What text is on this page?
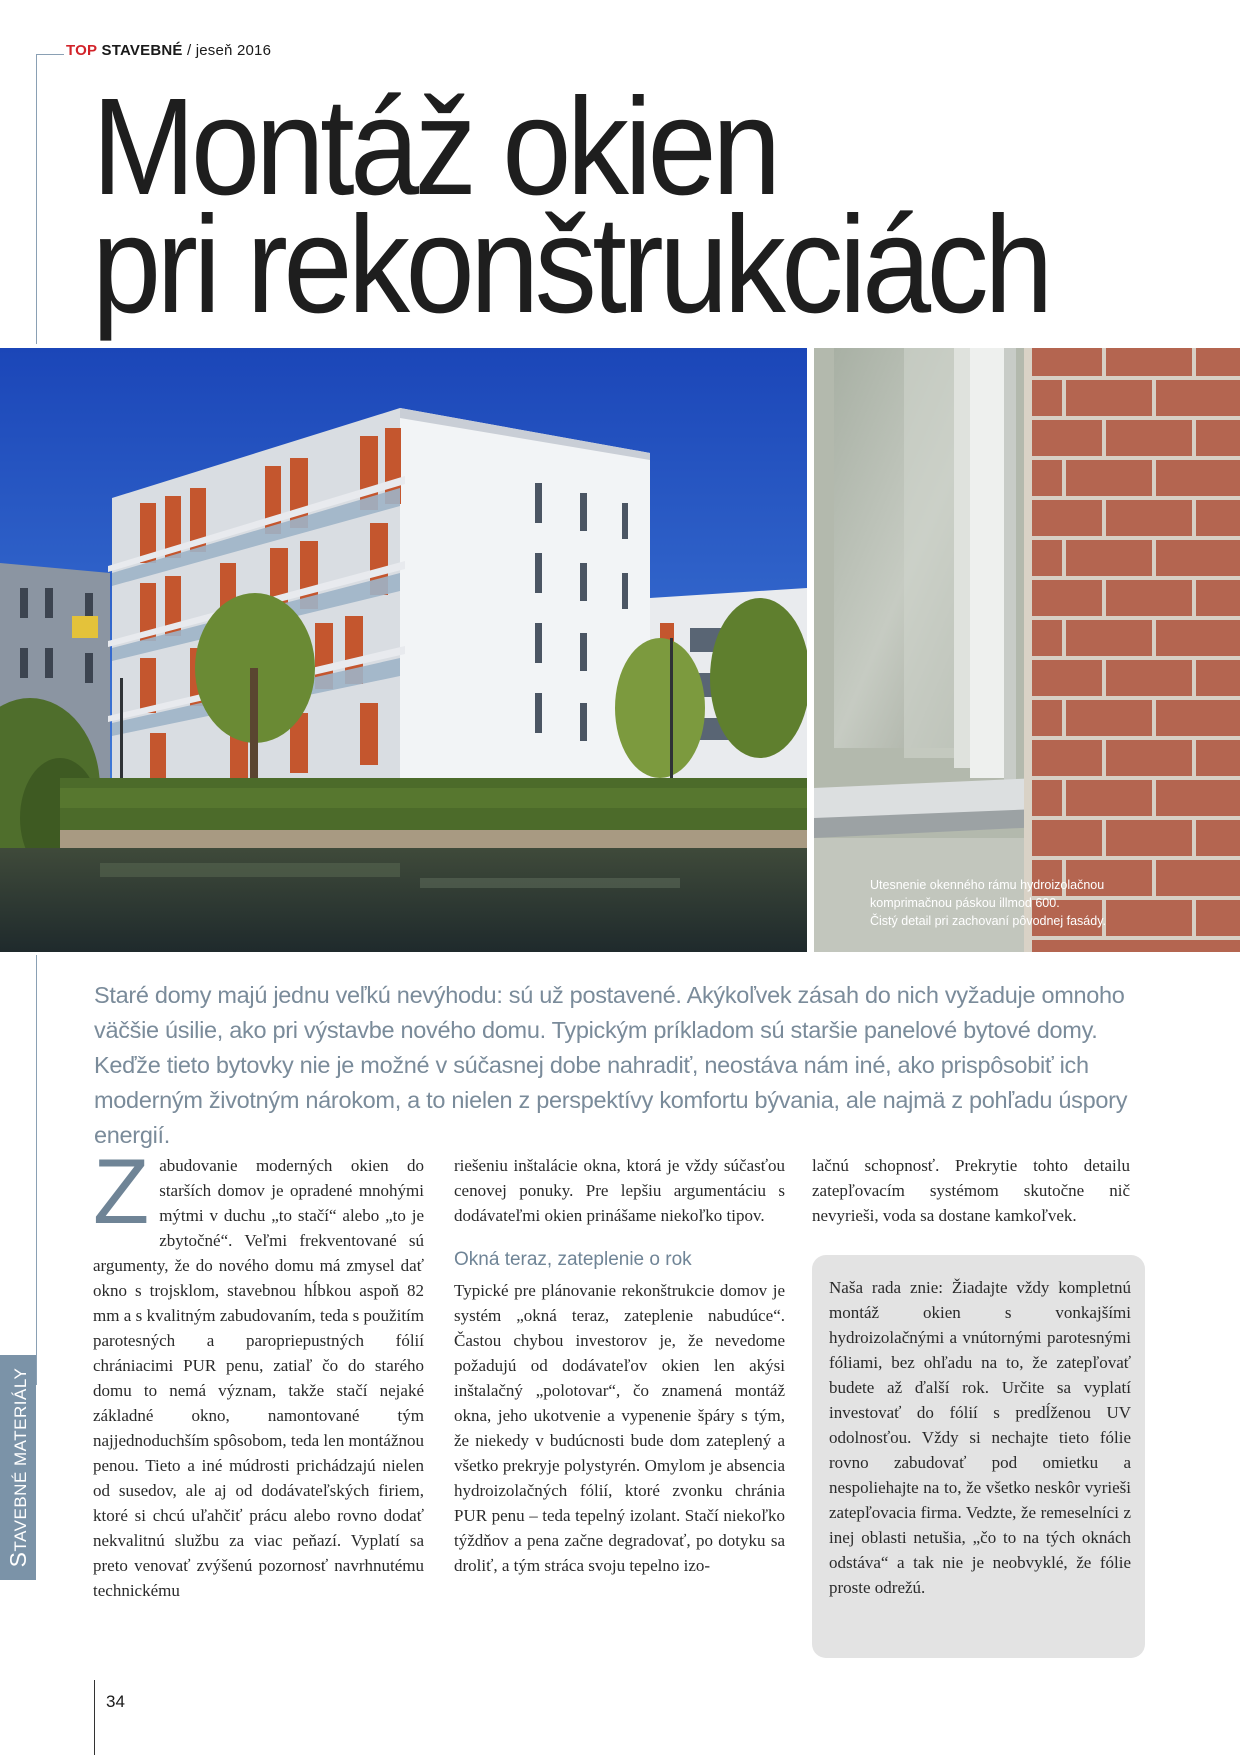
TOP STAVEBNÉ / jeseň 2016
Montáž okien
pri rekonštrukciách
Utesnenie okenného rámu hydroizolačnou
komprimačnou páskou illmod 600.
Čistý detail pri zachovaní pôvodnej fasády.
Staré domy majú jednu veľkú nevýhodu: sú už postavené. Akýkoľvek zásah do nich vyžaduje omnoho väčšie úsilie, ako pri výstavbe nového domu. Typickým príkladom sú staršie panelové bytové domy. Keďže tieto bytovky nie je možné v súčasnej dobe nahradiť, neostáva nám iné, ako prispôsobiť ich moderným životným nárokom, a to nielen z perspektívy komfortu bývania, ale najmä z pohľadu úspory energií.

Zabudovanie moderných okien do starších domov je opradené mnohými mýtmi v duchu „to stačí“ alebo „to je zbytočné“. Veľmi frekventované sú argumenty, že do nového domu má zmysel dať okno s trojsklom, stavebnou hĺbkou aspoň 82 mm a s kvalitným zabudovaním, teda s použitím parotesných a paropriepustných fólií chrániacimi PUR penu, zatiaľ čo do starého domu to nemá význam, takže stačí nejaké základné okno, namontované tým najjednoduchším spôsobom, teda len montážnou penou. Tieto a iné múdrosti prichádzajú nielen od susedov, ale aj od dodávateľských firiem, ktoré si chcú uľahčiť prácu alebo rovno dodať nekvalitnú službu za viac peňazí. Vyplatí sa preto venovať zvýšenú pozornosť navrhnutému technickému

riešeniu inštalácie okna, ktorá je vždy súčasťou cenovej ponuky. Pre lepšiu argumentáciu s dodávateľmi okien prinášame niekoľko tipov.

Okná teraz, zateplenie o rok

Typické pre plánovanie rekonštrukcie domov je systém „okná teraz, zateplenie nabudúce“. Častou chybou investorov je, že nevedome požadujú od dodávateľov okien len akýsi inštalačný „polotovar“, čo znamená montáž okna, jeho ukotvenie a vypenenie špáry s tým, že niekedy v budúcnosti bude dom zateplený a všetko prekryje polystyrén. Omylom je absencia hydroizolačných fólií, ktoré zvonku chránia PUR penu – teda tepelný izolant. Stačí niekoľko týždňov a pena začne degradovať, po dotyku sa droliť, a tým stráca svoju tepelno izo-

lačnú schopnosť. Prekrytie tohto detailu zatepľovacím systémom skutočne nič nevyrieši, voda sa dostane kamkoľvek.

Naša rada znie: Žiadajte vždy kompletnú montáž okien s vonkajšími hydroizolačnými a vnútornými parotesnými fóliami, bez ohľadu na to, že zatepľovať budete až ďalší rok. Určite sa vyplatí investovať do fólií s predĺženou UV odolnosťou. Vždy si nechajte tieto fólie rovno zabudovať pod omietku a nespoliehajte na to, že všetko neskôr vyrieši zatepľovacia firma. Vedzte, že remeselníci z inej oblasti netušia, „čo to na tých oknách odstáva“ a tak nie je neobvyklé, že fólie proste odrežú.
STAVEBNÉ MATERIÁLY
34
